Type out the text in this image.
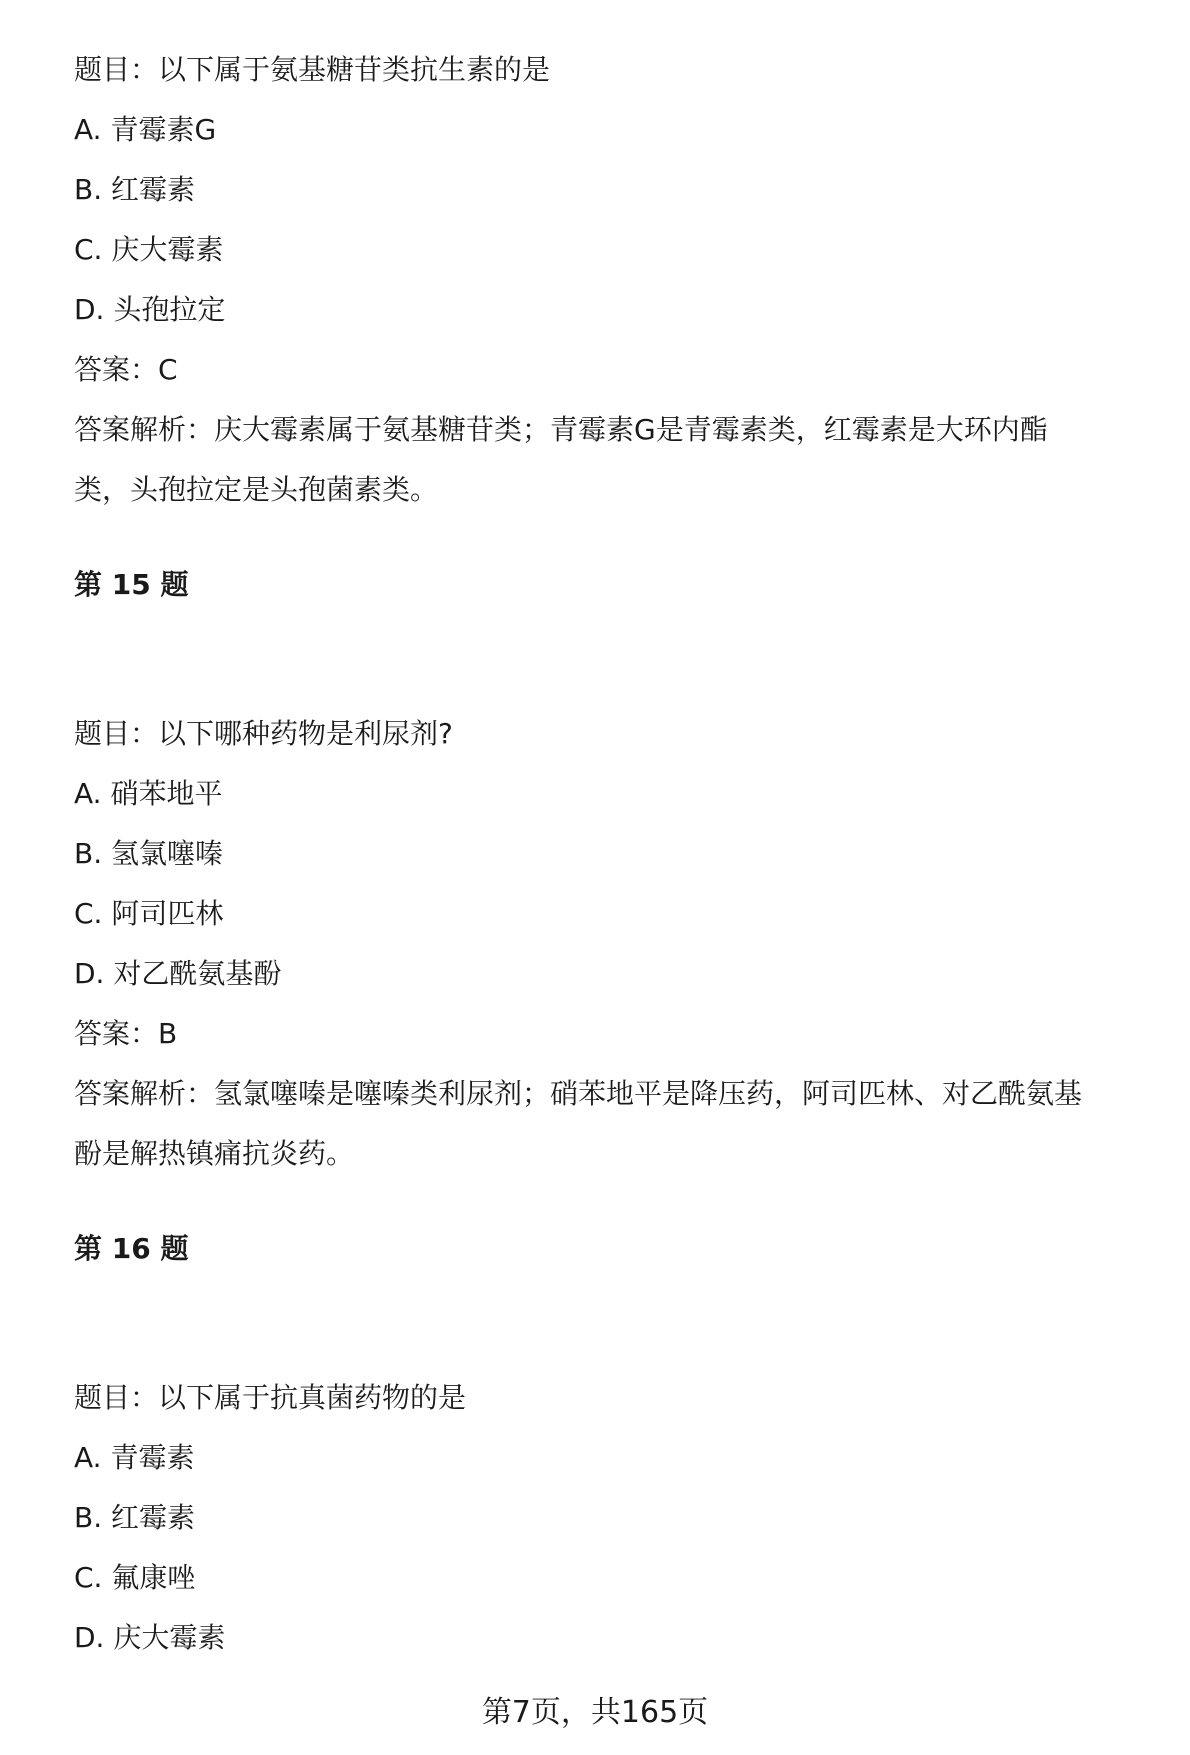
题目：以下属于氨基糖苷类抗生素的是
A. 青霉素G
B. 红霉素
C. 庆大霉素
D. 头孢拉定
答案：C
答案解析：庆大霉素属于氨基糖苷类；青霉素G是青霉素类，红霉素是大环内酯
类，头孢拉定是头孢菌素类。
第 15 题
题目：以下哪种药物是利尿剂?
A. 硝苯地平
B. 氢氯噻嗪
C. 阿司匹林
D. 对乙酰氨基酚
答案：B
答案解析：氢氯噻嗪是噻嗪类利尿剂；硝苯地平是降压药，阿司匹林、对乙酰氨基
酚是解热镇痛抗炎药。
第 16 题
题目：以下属于抗真菌药物的是
A. 青霉素
B. 红霉素
C. 氟康唑
D. 庆大霉素
第7页，共165页
